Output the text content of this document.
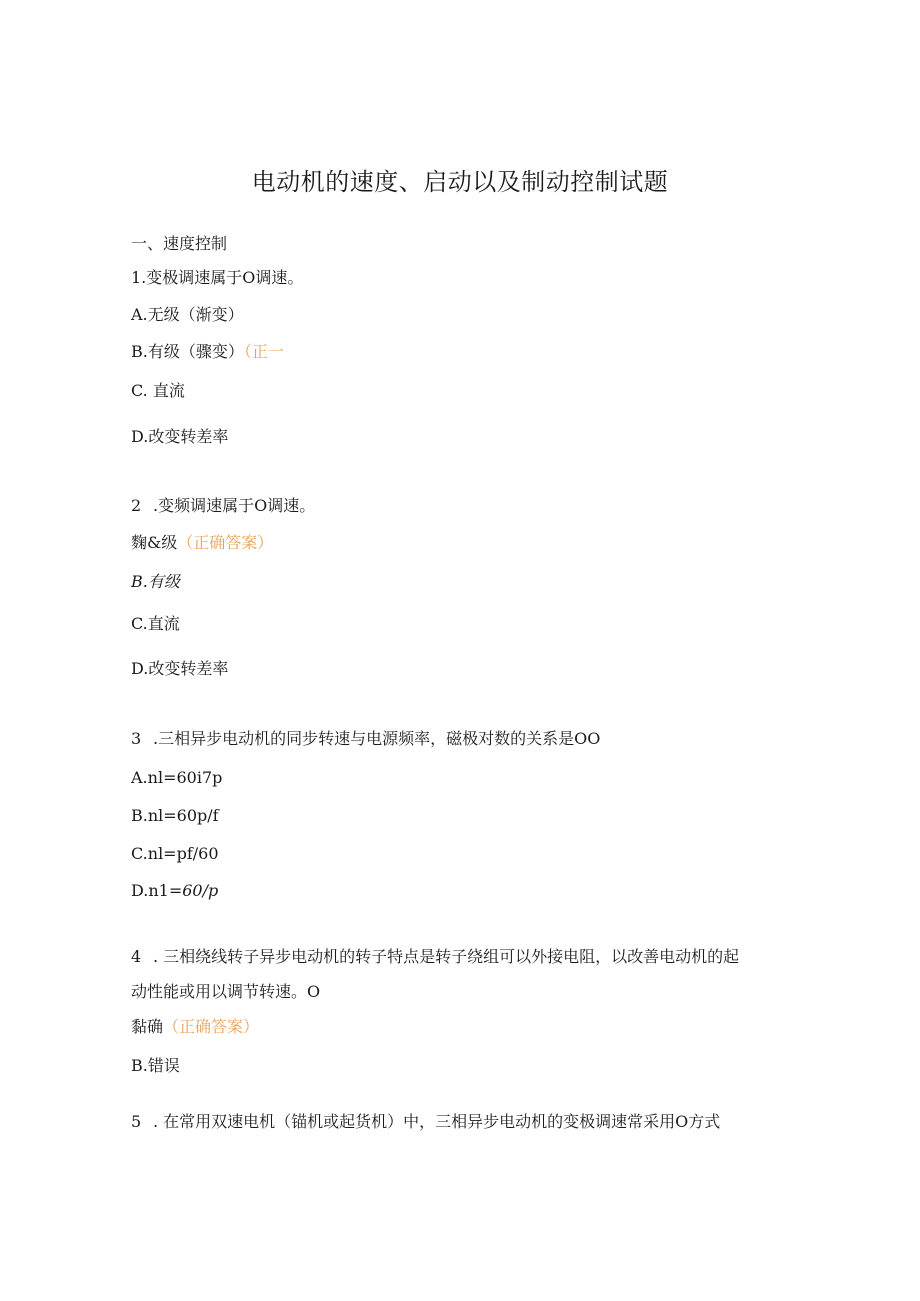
电动机的速度、启动以及制动控制试题
一、速度控制
1.变极调速属于O调速。
A.无级（渐变）
B.有级（骤变）（正一
C. 直流
D.改变转差率
2 .变频调速属于O调速。
麴&级（正确答案）
B.有级
C.直流
D.改变转差率
3 .三相异步电动机的同步转速与电源频率，磁极对数的关系是OO
A.nl=60i7p
B.nl=60p∕f
C.nl=pf∕60
D.n1=60∕p
4 . 三相绕线转子异步电动机的转子特点是转子绕组可以外接电阻，以改善电动机的起
动性能或用以调节转速。O
黏确（正确答案）
B.错误
5 . 在常用双速电机（锚机或起货机）中，三相异步电动机的变极调速常采用O方式
